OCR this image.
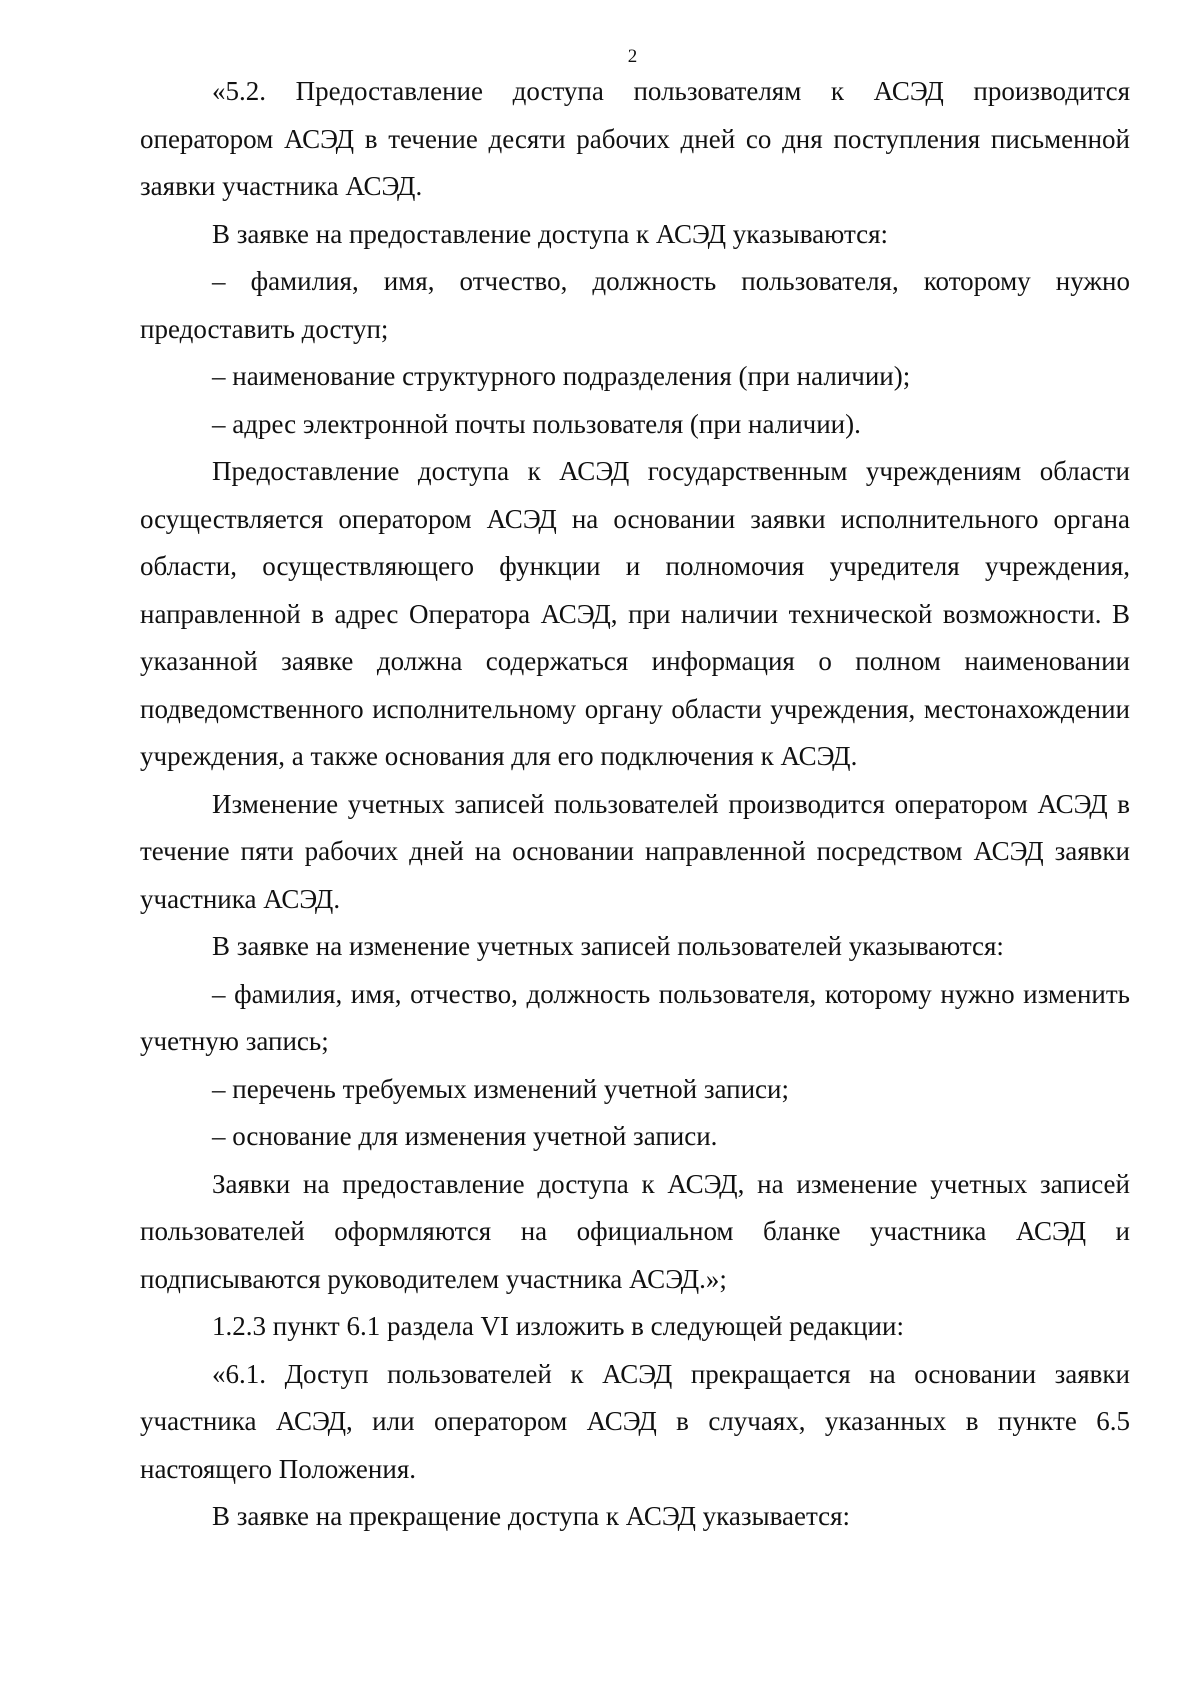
2

«5.2. Предоставление доступа пользователям к АСЭД производится оператором АСЭД в течение десяти рабочих дней со дня поступления письменной заявки участника АСЭД.

В заявке на предоставление доступа к АСЭД указываются:

– фамилия, имя, отчество, должность пользователя, которому нужно предоставить доступ;

– наименование структурного подразделения (при наличии);

– адрес электронной почты пользователя (при наличии).

Предоставление доступа к АСЭД государственным учреждениям области осуществляется оператором АСЭД на основании заявки исполнительного органа области, осуществляющего функции и полномочия учредителя учреждения, направленной в адрес Оператора АСЭД, при наличии технической возможности. В указанной заявке должна содержаться информация о полном наименовании подведомственного исполнительному органу области учреждения, местонахождении учреждения, а также основания для его подключения к АСЭД.

Изменение учетных записей пользователей производится оператором АСЭД в течение пяти рабочих дней на основании направленной посредством АСЭД заявки участника АСЭД.

В заявке на изменение учетных записей пользователей указываются:

– фамилия, имя, отчество, должность пользователя, которому нужно изменить учетную запись;

– перечень требуемых изменений учетной записи;

– основание для изменения учетной записи.

Заявки на предоставление доступа к АСЭД, на изменение учетных записей пользователей оформляются на официальном бланке участника АСЭД и подписываются руководителем участника АСЭД.»;

1.2.3 пункт 6.1 раздела VI изложить в следующей редакции:

«6.1. Доступ пользователей к АСЭД прекращается на основании заявки участника АСЭД, или оператором АСЭД в случаях, указанных в пункте 6.5 настоящего Положения.

В заявке на прекращение доступа к АСЭД указывается:
